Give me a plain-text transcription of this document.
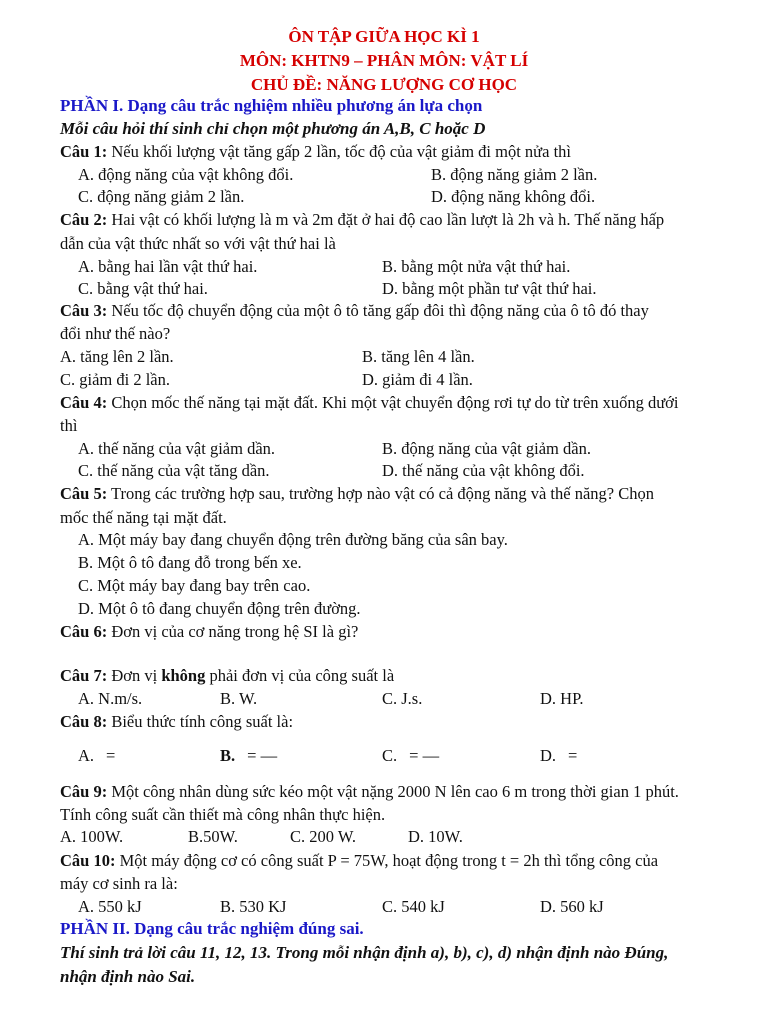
ÔN TẬP GIỮA HỌC KÌ 1
MÔN: KHTN9 – PHÂN MÔN: VẬT LÍ
CHỦ ĐỀ: NĂNG LƯỢNG CƠ HỌC
PHẦN I. Dạng câu trắc nghiệm nhiều phương án lựa chọn
Mỗi câu hỏi thí sinh chỉ chọn một phương án A,B, C hoặc D
Câu 1: Nếu khối lượng vật tăng gấp 2 lần, tốc độ của vật giảm đi một nửa thì
A. động năng của vật không đổi.	B. động năng giảm 2 lần.
C. động năng giảm 2 lần.	D. động năng không đổi.
Câu 2: Hai vật có khối lượng là m và 2m đặt ở hai độ cao lần lượt là 2h và h. Thế năng hấp
dẫn của vật thức nhất so với vật thứ hai là
A. bằng hai lần vật thứ hai.	B. bằng một nửa vật thứ hai.
C. bằng vật thứ hai.	D. bằng một phần tư vật thứ hai.
Câu 3: Nếu tốc độ chuyển động của một ô tô tăng gấp đôi thì động năng của ô tô đó thay
đổi như thế nào?
A. tăng lên 2 lần.	B. tăng lên 4 lần.
C. giảm đi 2 lần.	D. giảm đi 4 lần.
Câu 4: Chọn mốc thế năng tại mặt đất. Khi một vật chuyển động rơi tự do từ trên xuống dưới
thì
A. thế năng của vật giảm dần.	B. động năng của vật giảm dần.
C. thế năng của vật tăng dần.	D. thế năng của vật không đổi.
Câu 5: Trong các trường hợp sau, trường hợp nào vật có cả động năng và thế năng? Chọn
mốc thế năng tại mặt đất.
A. Một máy bay đang chuyển động trên đường băng của sân bay.
B. Một ô tô đang đỗ trong bến xe.
C. Một máy bay đang bay trên cao.
D. Một ô tô đang chuyển động trên đường.
Câu 6: Đơn vị của cơ năng trong hệ SI là gì?
Câu 7: Đơn vị không phải đơn vị của công suất là
A. N.m/s.	B. W.	C. J.s.	D. HP.
Câu 8: Biểu thức tính công suất là:
A. =	B. = —	C. = —	D. =
Câu 9: Một công nhân dùng sức kéo một vật nặng 2000 N lên cao 6 m trong thời gian 1 phút.
Tính công suất cần thiết mà công nhân thực hiện.
A. 100W.	B.50W.	C. 200 W.	D. 10W.
Câu 10: Một máy động cơ có công suất P = 75W, hoạt động trong t = 2h thì tổng công của
máy cơ sinh ra là:
A. 550 kJ	B. 530 KJ	C. 540 kJ	D. 560 kJ
PHẦN II. Dạng câu trắc nghiệm đúng sai.
Thí sinh trả lời câu 11, 12, 13. Trong mỗi nhận định a), b), c), d) nhận định nào Đúng,
nhận định nào Sai.
